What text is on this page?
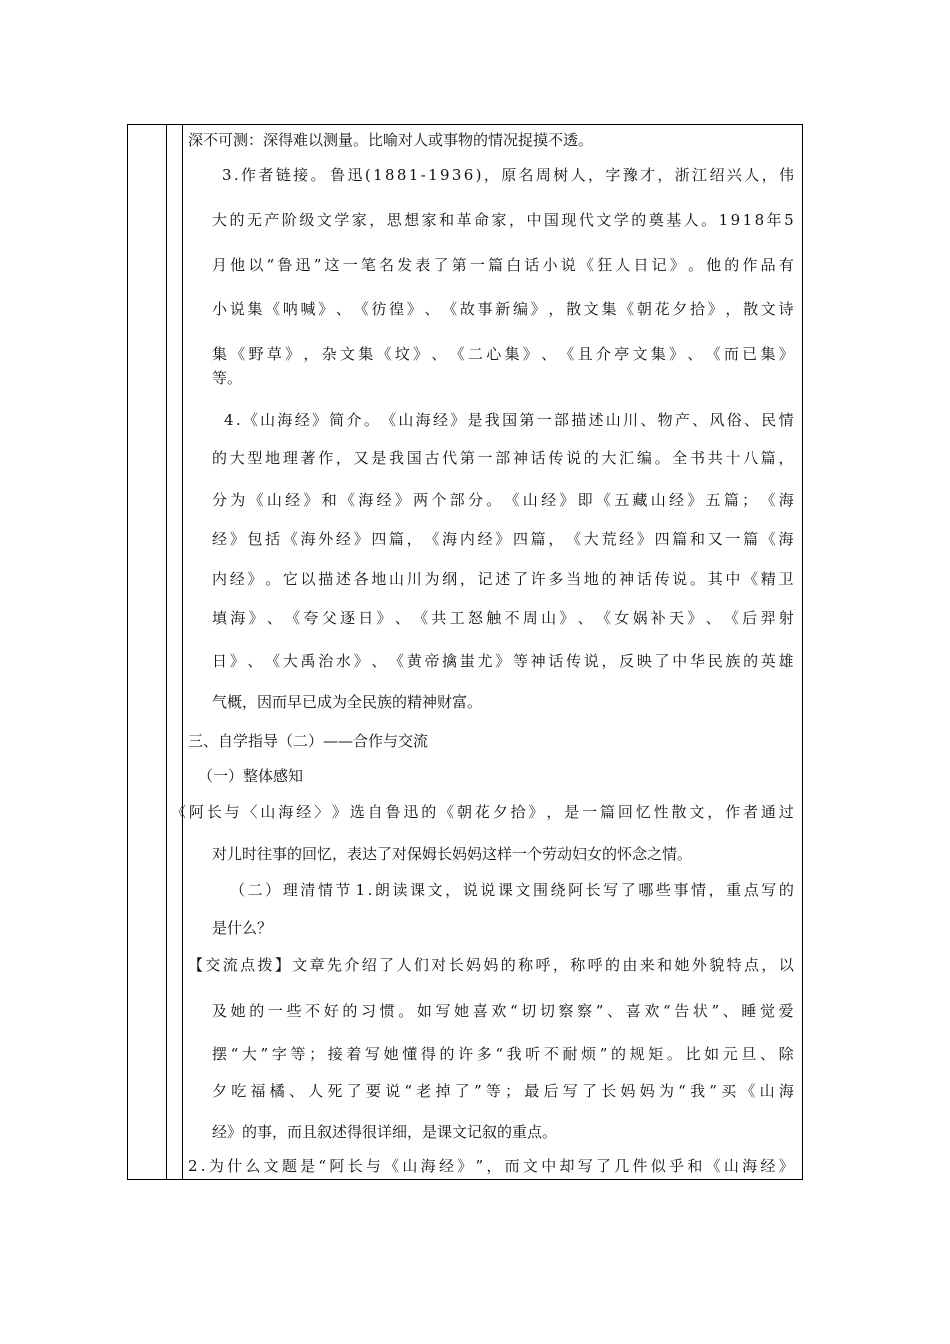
深不可测：深得难以测量。比喻对人或事物的情况捉摸不透。
3 . 作 者 链 接 。 鲁 迅 ( 1 8 8 1 - 1 9 3 6 ) ， 原 名 周 树 人 ， 字 豫 才 ， 浙 江 绍 兴 人 ， 伟
大 的 无 产 阶 级 文 学 家 ， 思 想 家 和 革 命 家 ， 中 国 现 代 文 学 的 奠 基 人 。 1 9 1 8 年 5
月 他 以 “ 鲁 迅 ” 这 一 笔 名 发 表 了 第 一 篇 白 话 小 说 《 狂 人 日 记 》 。 他 的 作 品 有
小 说 集 《 呐 喊 》 、 《 彷 徨 》 、 《 故 事 新 编 》 ， 散 文 集 《 朝 花 夕 拾 》 ， 散 文 诗
集 《 野 草 》 ， 杂 文 集 《 坟 》 、 《 二 心 集 》 、 《 且 介 亭 文 集 》 、 《 而 已 集 》
等。
4 . 《 山 海 经 》 简 介 。 《 山 海 经 》 是 我 国 第 一 部 描 述 山 川 、 物 产 、 风 俗 、 民 情
的 大 型 地 理 著 作 ， 又 是 我 国 古 代 第 一 部 神 话 传 说 的 大 汇 编 。 全 书 共 十 八 篇 ，
分 为 《 山 经 》 和 《 海 经 》 两 个 部 分 。 《 山 经 》 即 《 五 藏 山 经 》 五 篇 ； 《 海
经 》 包 括 《 海 外 经 》 四 篇 ， 《 海 内 经 》 四 篇 ， 《 大 荒 经 》 四 篇 和 又 一 篇 《 海
内 经 》 。 它 以 描 述 各 地 山 川 为 纲 ， 记 述 了 许 多 当 地 的 神 话 传 说 。 其 中 《 精 卫
填 海 》 、 《 夸 父 逐 日 》 、 《 共 工 怒 触 不 周 山 》 、 《 女 娲 补 天 》 、 《 后 羿 射
日 》 、 《 大 禹 治 水 》 、 《 黄 帝 擒 蚩 尤 》 等 神 话 传 说 ， 反 映 了 中 华 民 族 的 英 雄
气概，因而早已成为全民族的精神财富。
三、自学指导（二）——合作与交流
（一）整体感知
《 阿 长 与 〈 山 海 经 〉 》 选 自 鲁 迅 的 《 朝 花 夕 拾 》 ， 是 一 篇 回 忆 性 散 文 ， 作 者 通 过
对儿时往事的回忆，表达了对保姆长妈妈这样一个劳动妇女的怀念之情。
（ 二 ） 理 清 情 节 1 . 朗 读 课 文 ， 说 说 课 文 围 绕 阿 长 写 了 哪 些 事 情 ， 重 点 写 的
是什么？
【 交 流 点 拨 】 文 章 先 介 绍 了 人 们 对 长 妈 妈 的 称 呼 ， 称 呼 的 由 来 和 她 外 貌 特 点 ， 以
及 她 的 一 些 不 好 的 习 惯 。 如 写 她 喜 欢 “ 切 切 察 察 ” 、 喜 欢 “ 告 状 ” 、 睡 觉 爱
摆 “ 大 ” 字 等 ； 接 着 写 她 懂 得 的 许 多 “ 我 听 不 耐 烦 ” 的 规 矩 。 比 如 元 旦 、 除
夕 吃 福 橘 、 人 死 了 要 说 “ 老 掉 了 ” 等 ； 最 后 写 了 长 妈 妈 为 “ 我 ” 买 《 山 海
经》的事，而且叙述得很详细，是课文记叙的重点。
2 . 为 什 么 文 题 是 “ 阿 长 与 《 山 海 经 》 ” ， 而 文 中 却 写 了 几 件 似 乎 和 《 山 海 经 》
